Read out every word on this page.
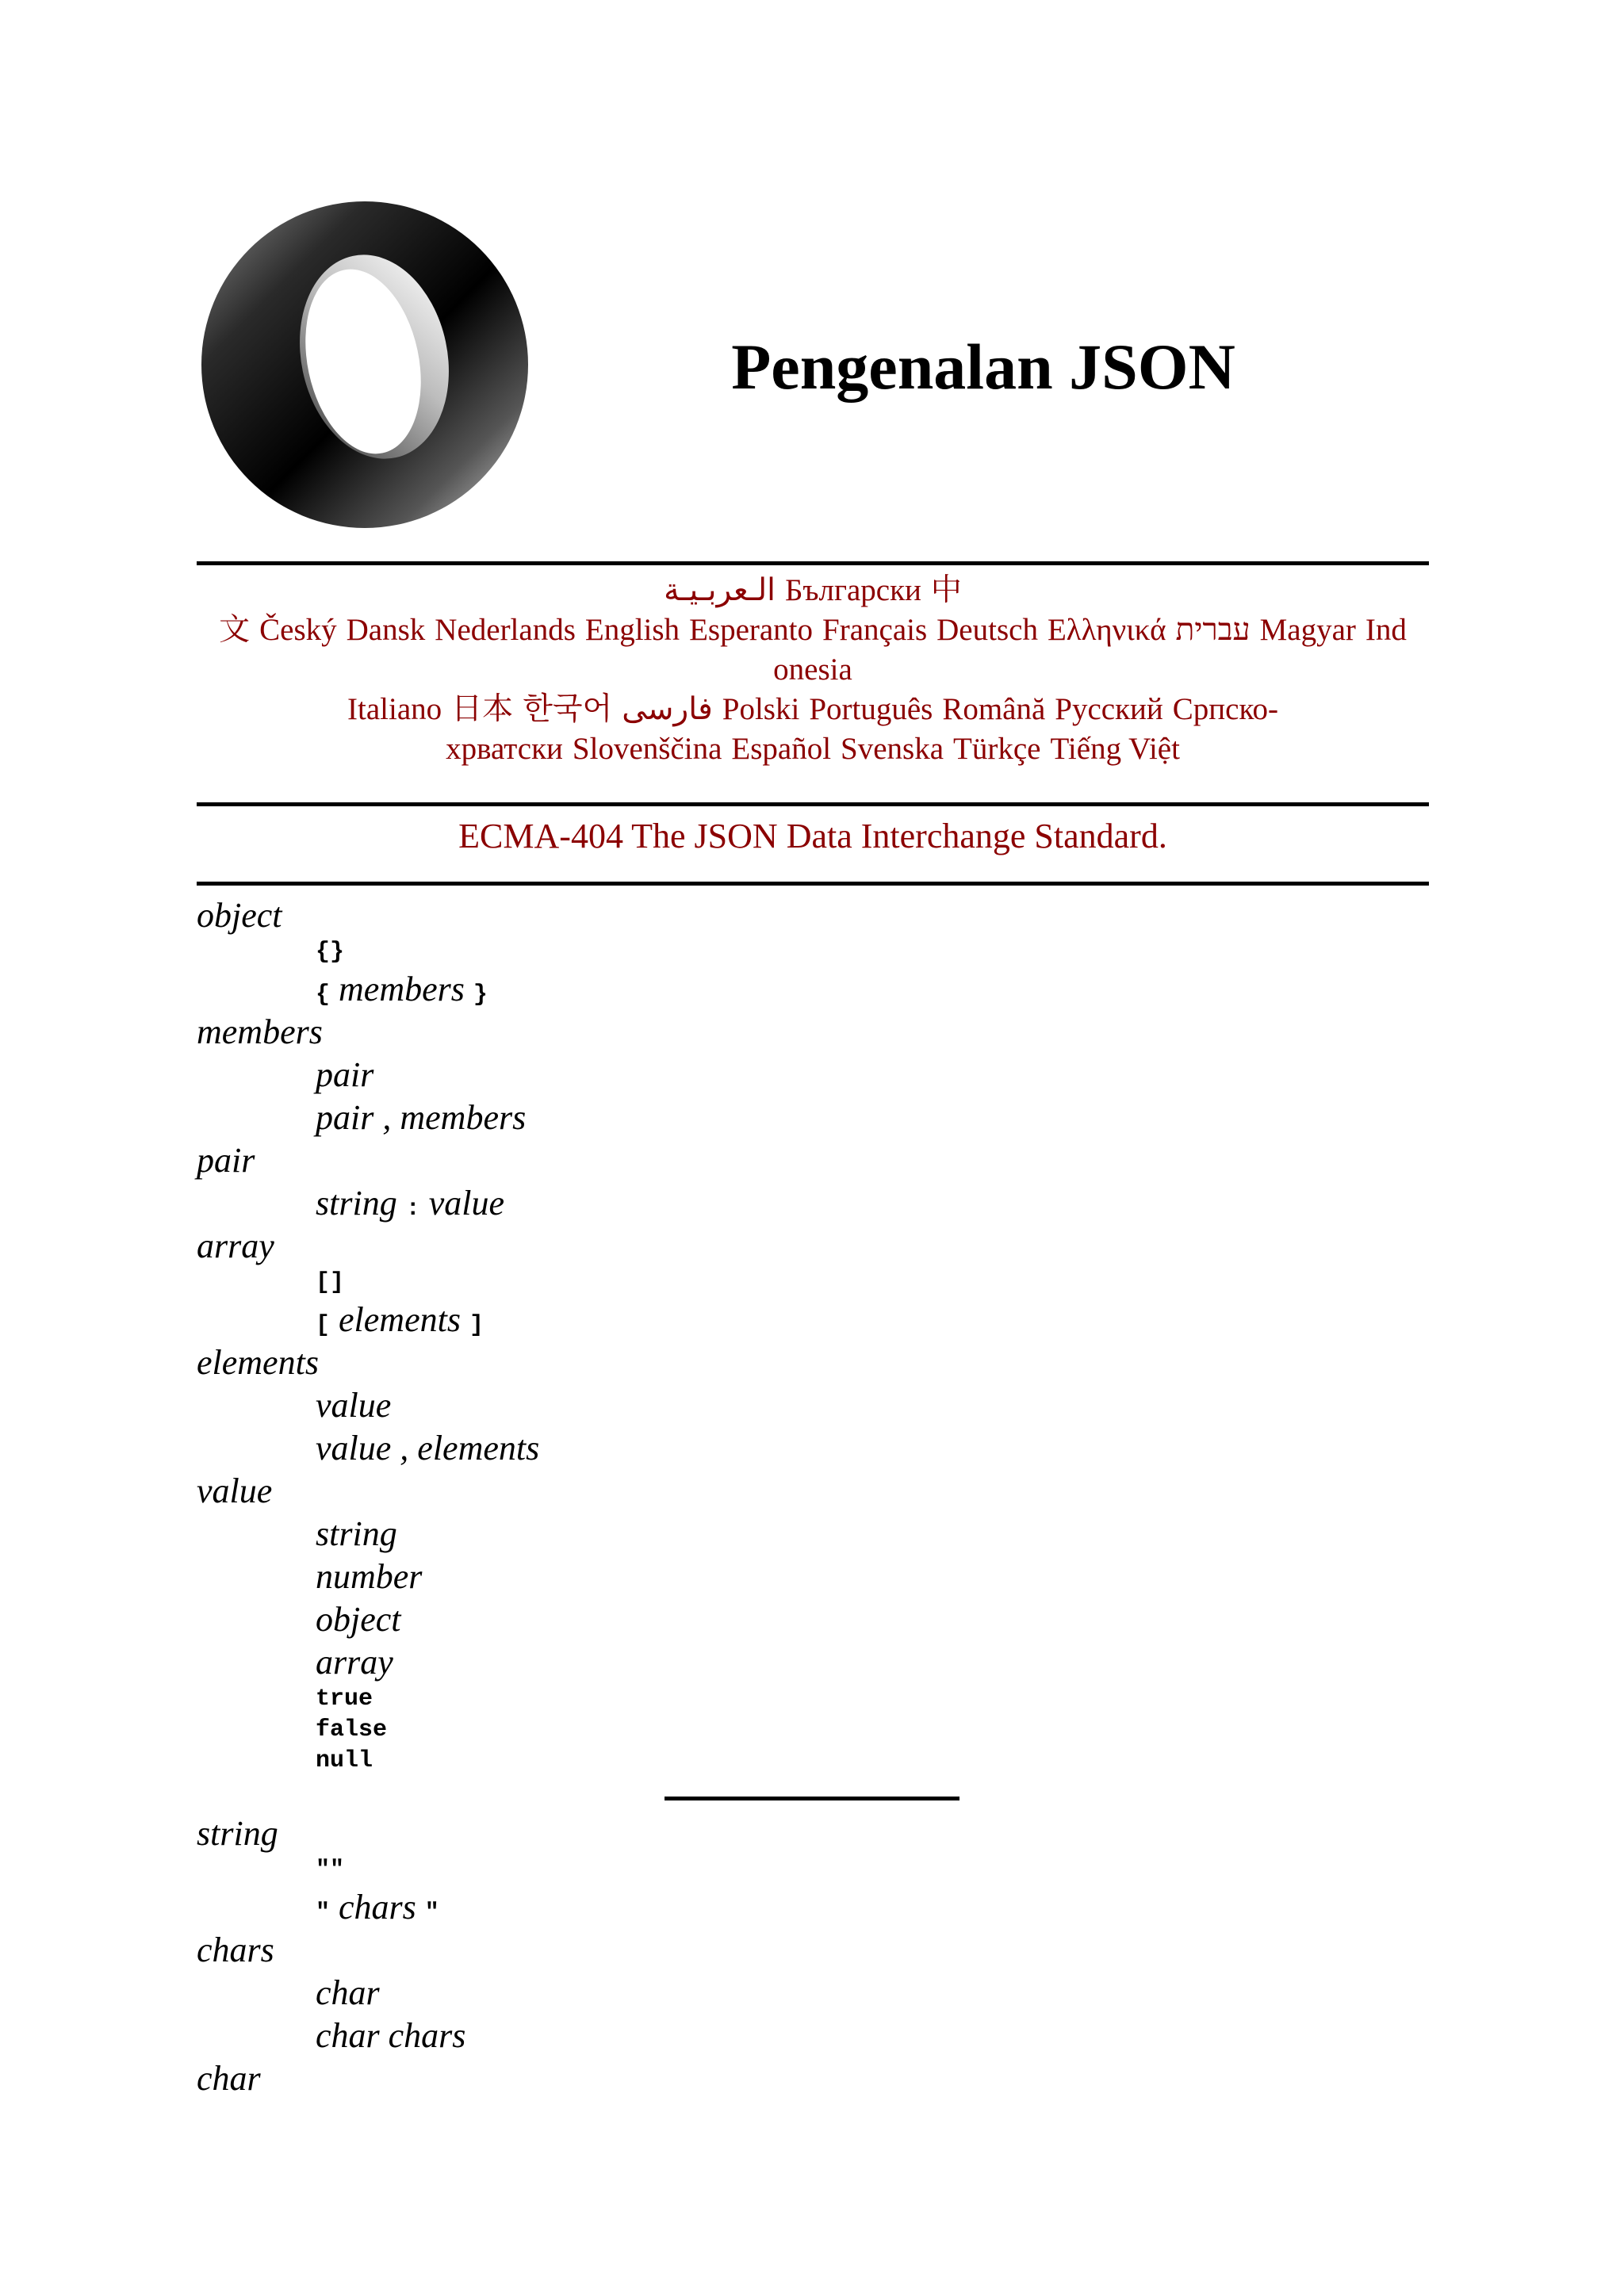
Pengenalan JSON
الـعربـيـة Български 中
文 Český Dansk Nederlands English Esperanto Français Deutsch Ελληνικά עברית Magyar Ind
onesia
Italiano 日本 한국어 فارسی Polski Português Română Русский Српско-
хрватски Slovenščina Español Svenska Türkçe Tiếng Việt
ECMA-404 The JSON Data Interchange Standard.
object
{}
{ members }
members
pair
pair , members
pair
string : value
array
[]
[ elements ]
elements
value
value , elements
value
string
number
object
array
true
false
null
string
""
" chars "
chars
char
char chars
char
